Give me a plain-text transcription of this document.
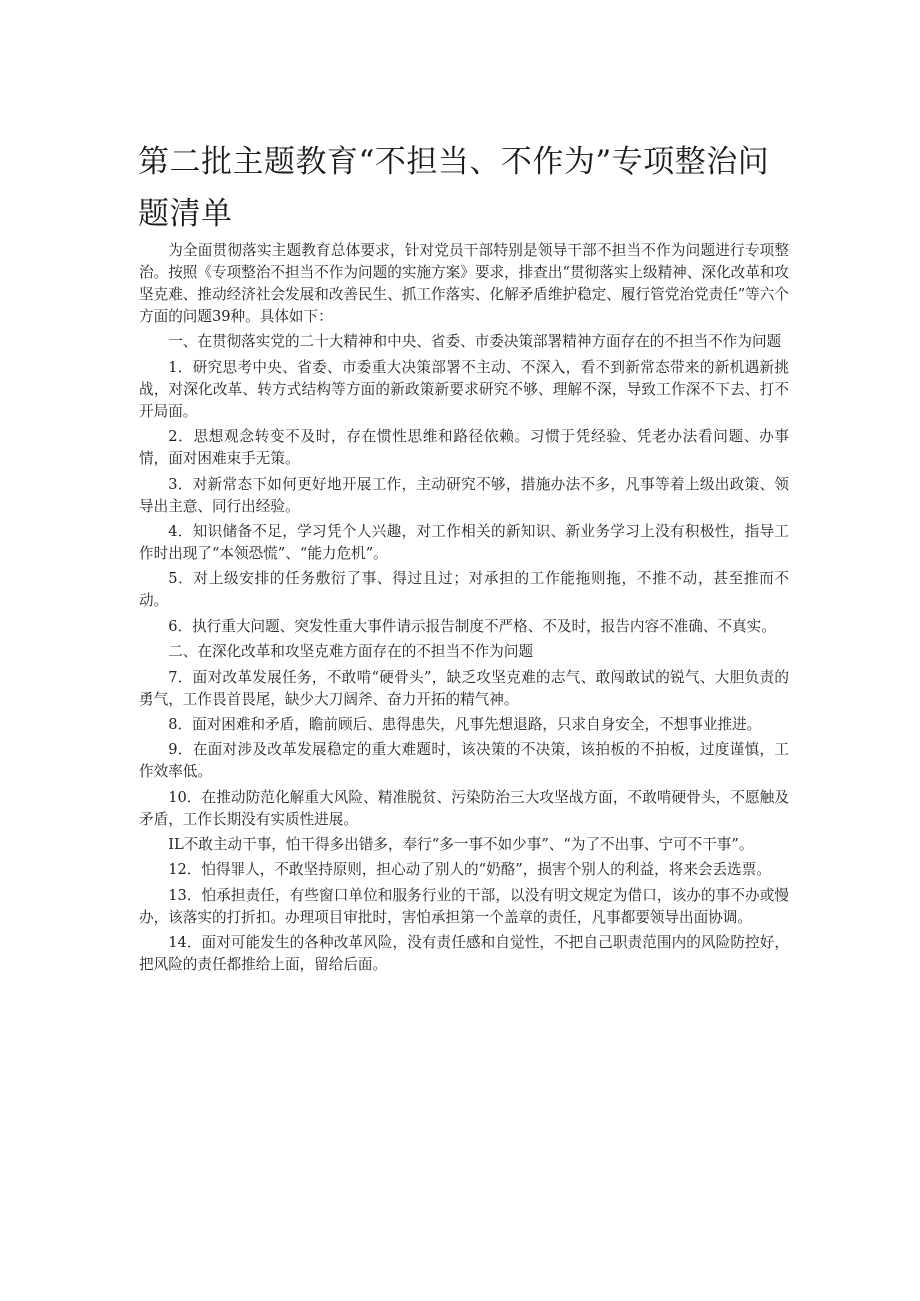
第二批主题教育“不担当、不作为”专项整治问题清单

为全面贯彻落实主题教育总体要求，针对党员干部特别是领导干部不担当不作为问题进行专项整治。按照《专项整治不担当不作为问题的实施方案》要求，排查出“贯彻落实上级精神、深化改革和攻坚克难、推动经济社会发展和改善民生、抓工作落实、化解矛盾维护稳定、履行管党治党责任”等六个方面的问题39种。具体如下：

一、在贯彻落实党的二十大精神和中央、省委、市委决策部署精神方面存在的不担当不作为问题

1．研究思考中央、省委、市委重大决策部署不主动、不深入，看不到新常态带来的新机遇新挑战，对深化改革、转方式结构等方面的新政策新要求研究不够、理解不深，导致工作深不下去、打不开局面。

2．思想观念转变不及时，存在惯性思维和路径依赖。习惯于凭经验、凭老办法看问题、办事情，面对困难束手无策。

3．对新常态下如何更好地开展工作，主动研究不够，措施办法不多，凡事等着上级出政策、领导出主意、同行出经验。

4．知识储备不足，学习凭个人兴趣，对工作相关的新知识、新业务学习上没有积极性，指导工作时出现了“本领恐慌”、“能力危机”。

5．对上级安排的任务敷衍了事、得过且过；对承担的工作能拖则拖，不推不动，甚至推而不动。

6．执行重大问题、突发性重大事件请示报告制度不严格、不及时，报告内容不准确、不真实。

二、在深化改革和攻坚克难方面存在的不担当不作为问题

7．面对改革发展任务，不敢啃“硬骨头”，缺乏攻坚克难的志气、敢闯敢试的锐气、大胆负责的勇气，工作畏首畏尾，缺少大刀阔斧、奋力开拓的精气神。

8．面对困难和矛盾，瞻前顾后、患得患失，凡事先想退路，只求自身安全，不想事业推进。

9．在面对涉及改革发展稳定的重大难题时，该决策的不决策，该拍板的不拍板，过度谨慎，工作效率低。

10．在推动防范化解重大风险、精准脱贫、污染防治三大攻坚战方面，不敢啃硬骨头，不愿触及矛盾，工作长期没有实质性进展。

IL不敢主动干事，怕干得多出错多，奉行“多一事不如少事”、“为了不出事、宁可不干事”。

12．怕得罪人，不敢坚持原则，担心动了别人的“奶酪”，损害个别人的利益，将来会丢选票。

13．怕承担责任，有些窗口单位和服务行业的干部，以没有明文规定为借口，该办的事不办或慢办，该落实的打折扣。办理项目审批时，害怕承担第一个盖章的责任，凡事都要领导出面协调。

14．面对可能发生的各种改革风险，没有责任感和自觉性，不把自己职责范围内的风险防控好，把风险的责任都推给上面，留给后面。
